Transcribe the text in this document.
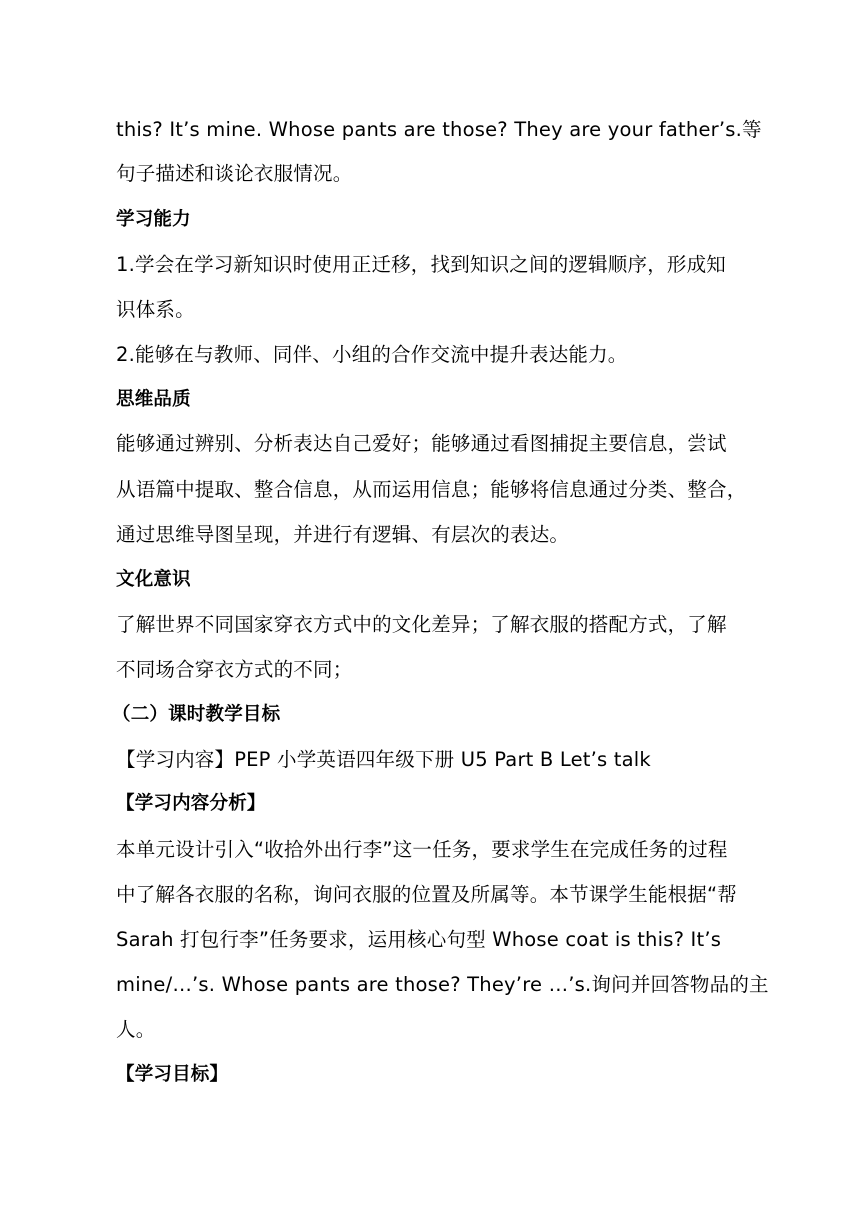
this? It’s mine. Whose pants are those? They are your father’s.等
句子描述和谈论衣服情况。
学习能力
1.学会在学习新知识时使用正迁移，找到知识之间的逻辑顺序，形成知
识体系。
2.能够在与教师、同伴、小组的合作交流中提升表达能力。
思维品质
能够通过辨别、分析表达自己爱好；能够通过看图捕捉主要信息，尝试
从语篇中提取、整合信息，从而运用信息；能够将信息通过分类、整合，
通过思维导图呈现，并进行有逻辑、有层次的表达。
文化意识
了解世界不同国家穿衣方式中的文化差异；了解衣服的搭配方式，了解
不同场合穿衣方式的不同；
（二）课时教学目标
【学习内容】PEP 小学英语四年级下册 U5 Part B Let’s talk
【学习内容分析】
本单元设计引入“收拾外出行李”这一任务，要求学生在完成任务的过程
中了解各衣服的名称，询问衣服的位置及所属等。本节课学生能根据“帮
Sarah 打包行李”任务要求，运用核心句型 Whose coat is this? It’s
mine/…’s. Whose pants are those? They’re …’s.询问并回答物品的主
人。
【学习目标】
